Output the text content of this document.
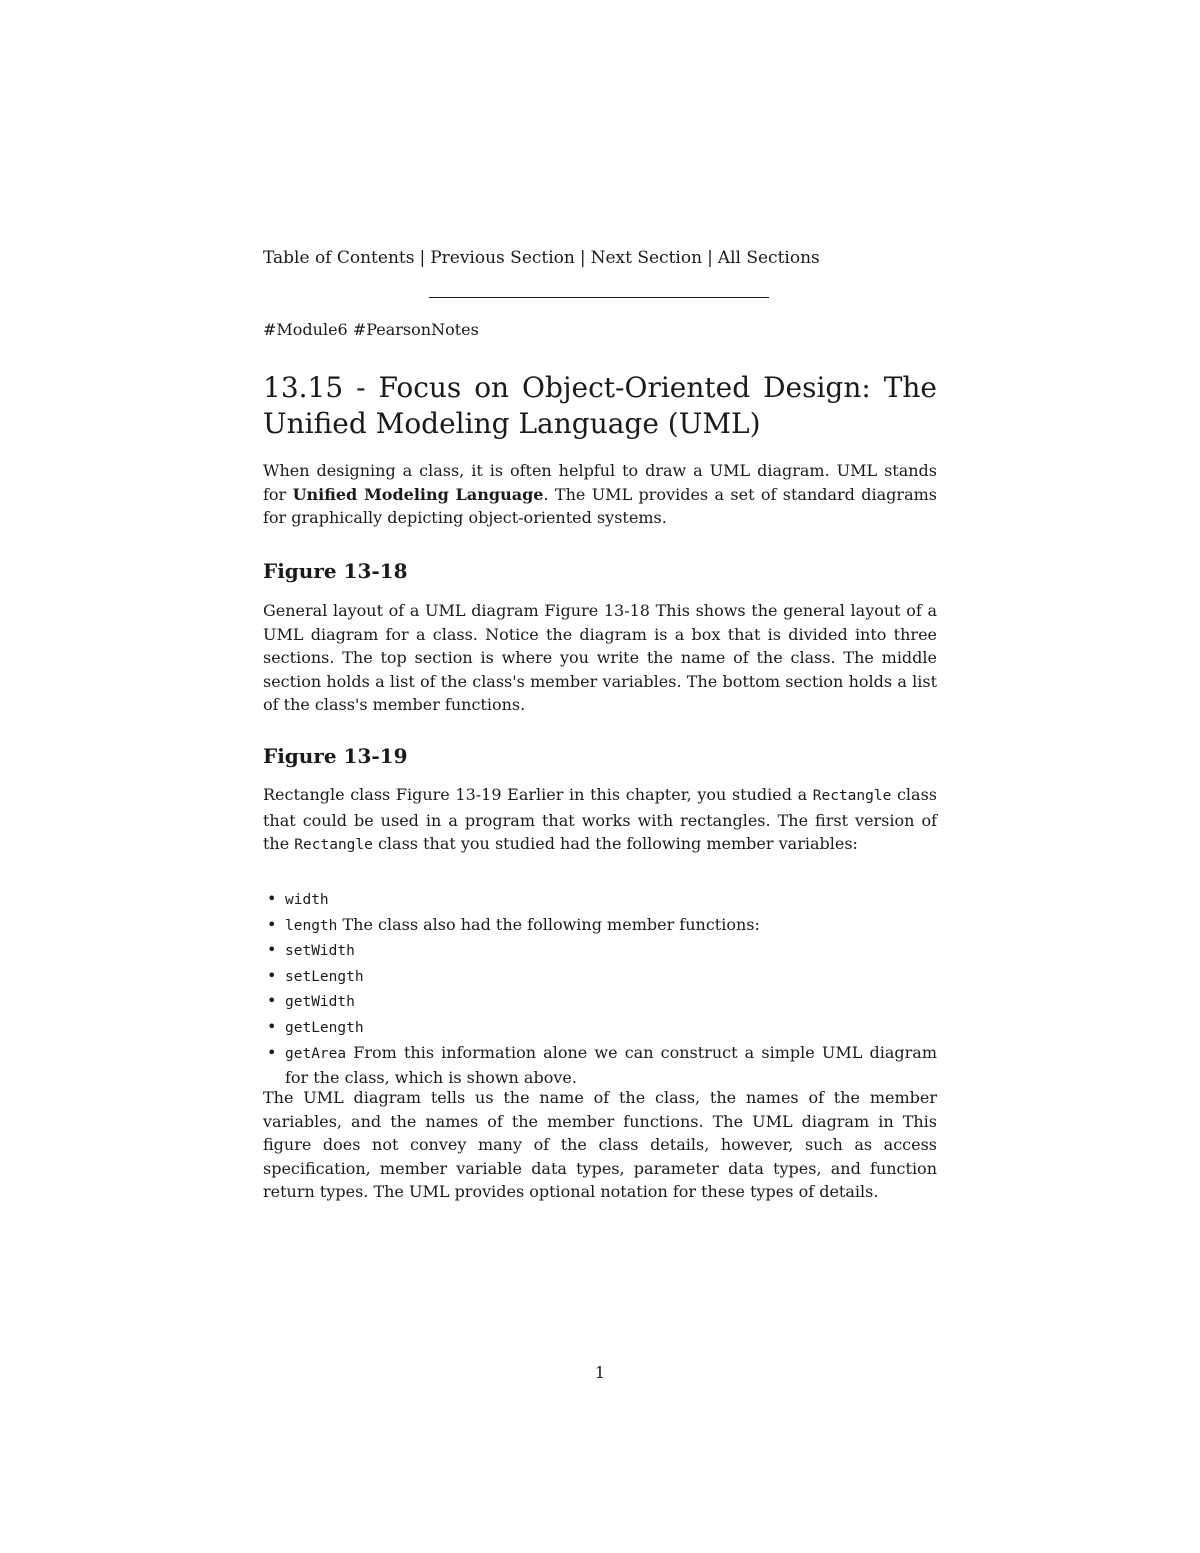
Table of Contents | Previous Section | Next Section | All Sections
#Module6 #PearsonNotes
13.15 - Focus on Object-Oriented Design: The Unified Modeling Language (UML)

When designing a class, it is often helpful to draw a UML diagram. UML stands for Unified Modeling Language. The UML provides a set of standard diagrams for graphically depicting object-oriented systems.

Figure 13-18

General layout of a UML diagram Figure 13-18 This shows the general layout of a UML diagram for a class. Notice the diagram is a box that is divided into three sections. The top section is where you write the name of the class. The middle section holds a list of the class's member variables. The bottom section holds a list of the class's member functions.

Figure 13-19

Rectangle class Figure 13-19 Earlier in this chapter, you studied a Rectangle class that could be used in a program that works with rectangles. The first version of the Rectangle class that you studied had the following member variables:

• width
• length The class also had the following member functions:
• setWidth
• setLength
• getWidth
• getLength
• getArea From this information alone we can construct a simple UML diagram for the class, which is shown above.

The UML diagram tells us the name of the class, the names of the member variables, and the names of the member functions. The UML diagram in This figure does not convey many of the class details, however, such as access specification, member variable data types, parameter data types, and function return types. The UML provides optional notation for these types of details.

1
